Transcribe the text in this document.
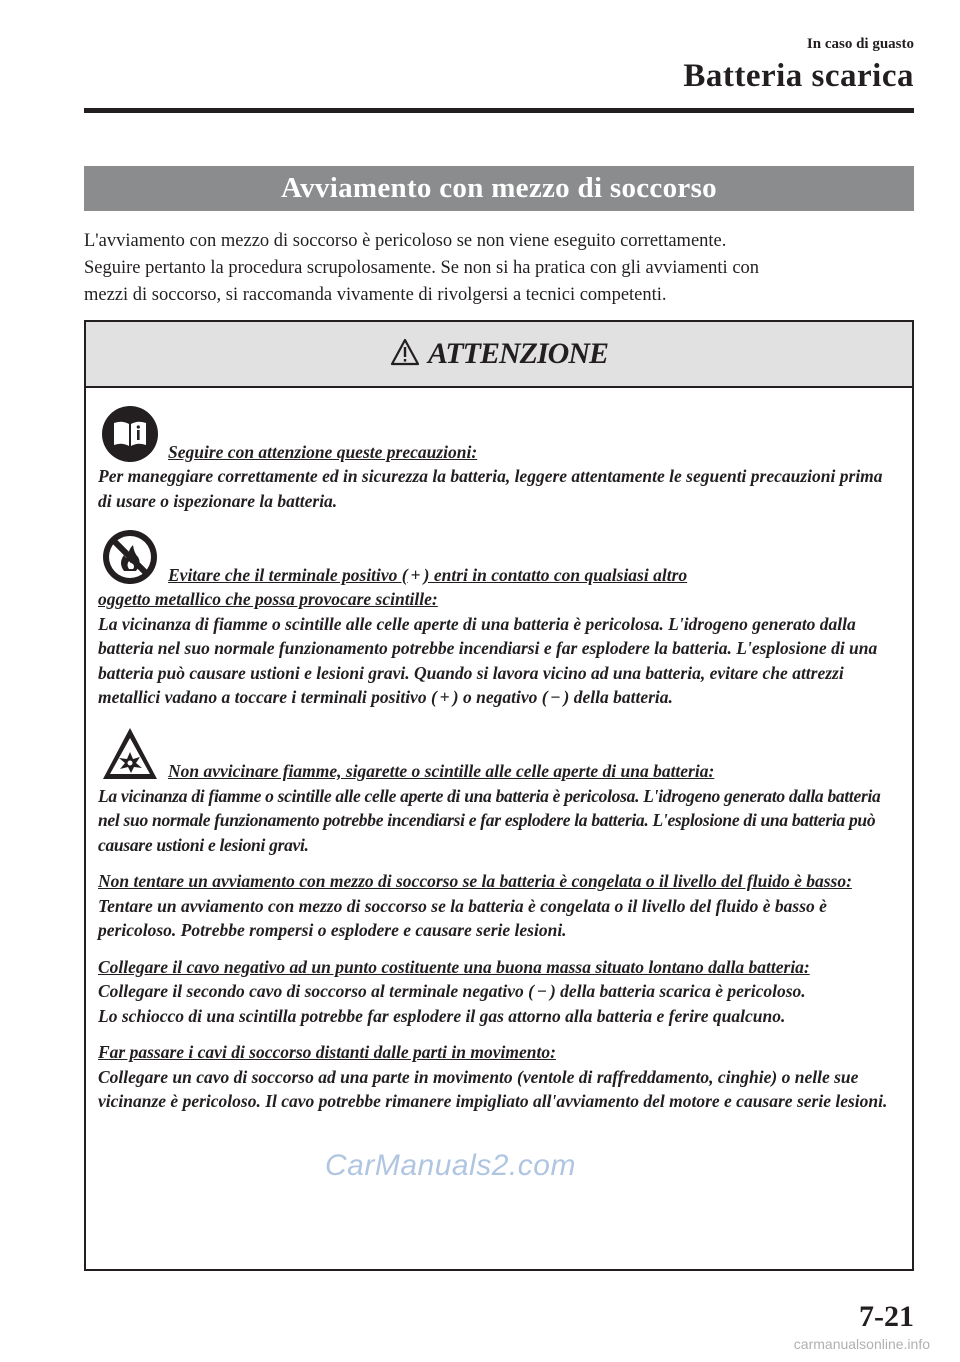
In caso di guasto
Batteria scarica
Avviamento con mezzo di soccorso
L'avviamento con mezzo di soccorso è pericoloso se non viene eseguito correttamente.
Seguire pertanto la procedura scrupolosamente. Se non si ha pratica con gli avviamenti con
mezzi di soccorso, si raccomanda vivamente di rivolgersi a tecnici competenti.
ATTENZIONE
Seguire con attenzione queste precauzioni:
Per maneggiare correttamente ed in sicurezza la batteria, leggere attentamente le seguenti precauzioni prima di usare o ispezionare la batteria.
Evitare che il terminale positivo ( + ) entri in contatto con qualsiasi altro
oggetto metallico che possa provocare scintille:
La vicinanza di fiamme o scintille alle celle aperte di una batteria è pericolosa. L'idrogeno generato dalla batteria nel suo normale funzionamento potrebbe incendiarsi e far esplodere la batteria. L'esplosione di una batteria può causare ustioni e lesioni gravi. Quando si lavora vicino ad una batteria, evitare che attrezzi metallici vadano a toccare i terminali positivo ( + ) o negativo ( − ) della batteria.
Non avvicinare fiamme, sigarette o scintille alle celle aperte di una batteria:
La vicinanza di fiamme o scintille alle celle aperte di una batteria è pericolosa. L'idrogeno generato dalla batteria nel suo normale funzionamento potrebbe incendiarsi e far esplodere la batteria. L'esplosione di una batteria può causare ustioni e lesioni gravi.
Non tentare un avviamento con mezzo di soccorso se la batteria è congelata o il livello del fluido è basso:
Tentare un avviamento con mezzo di soccorso se la batteria è congelata o il livello del fluido è basso è pericoloso. Potrebbe rompersi o esplodere e causare serie lesioni.
Collegare il cavo negativo ad un punto costituente una buona massa situato lontano dalla batteria:
Collegare il secondo cavo di soccorso al terminale negativo ( − ) della batteria scarica è pericoloso.
Lo schiocco di una scintilla potrebbe far esplodere il gas attorno alla batteria e ferire qualcuno.
Far passare i cavi di soccorso distanti dalle parti in movimento:
Collegare un cavo di soccorso ad una parte in movimento (ventole di raffreddamento, cinghie) o nelle sue vicinanze è pericoloso. Il cavo potrebbe rimanere impigliato all'avviamento del motore e causare serie lesioni.
CarManuals2.com
7-21
carmanualsonline.info
